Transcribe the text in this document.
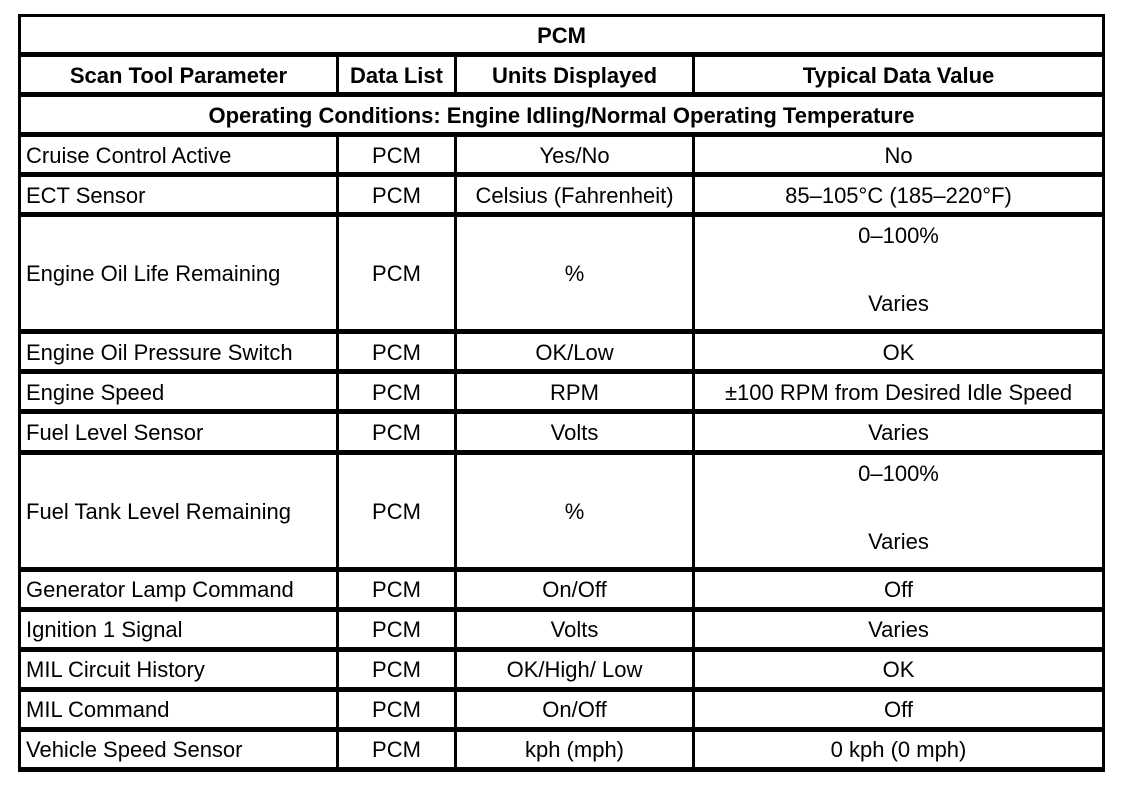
PCM			
Scan Tool Parameter	Data List	Units Displayed	Typical Data Value
Operating Conditions: Engine Idling/Normal Operating Temperature			
Cruise Control Active	PCM	Yes/No	No
ECT Sensor	PCM	Celsius (Fahrenheit)	85–105°C (185–220°F)
Engine Oil Life Remaining	PCM	%	0–100%
Varies

Engine Oil Pressure Switch	PCM	OK/Low	OK
Engine Speed	PCM	RPM	±100 RPM from Desired Idle Speed
Fuel Level Sensor	PCM	Volts	Varies
Fuel Tank Level Remaining	PCM	%	0–100%
Varies

Generator Lamp Command	PCM	On/Off	Off
Ignition 1 Signal	PCM	Volts	Varies
MIL Circuit History	PCM	OK/High/ Low	OK
MIL Command	PCM	On/Off	Off
Vehicle Speed Sensor	PCM	kph (mph)	0 kph (0 mph)
